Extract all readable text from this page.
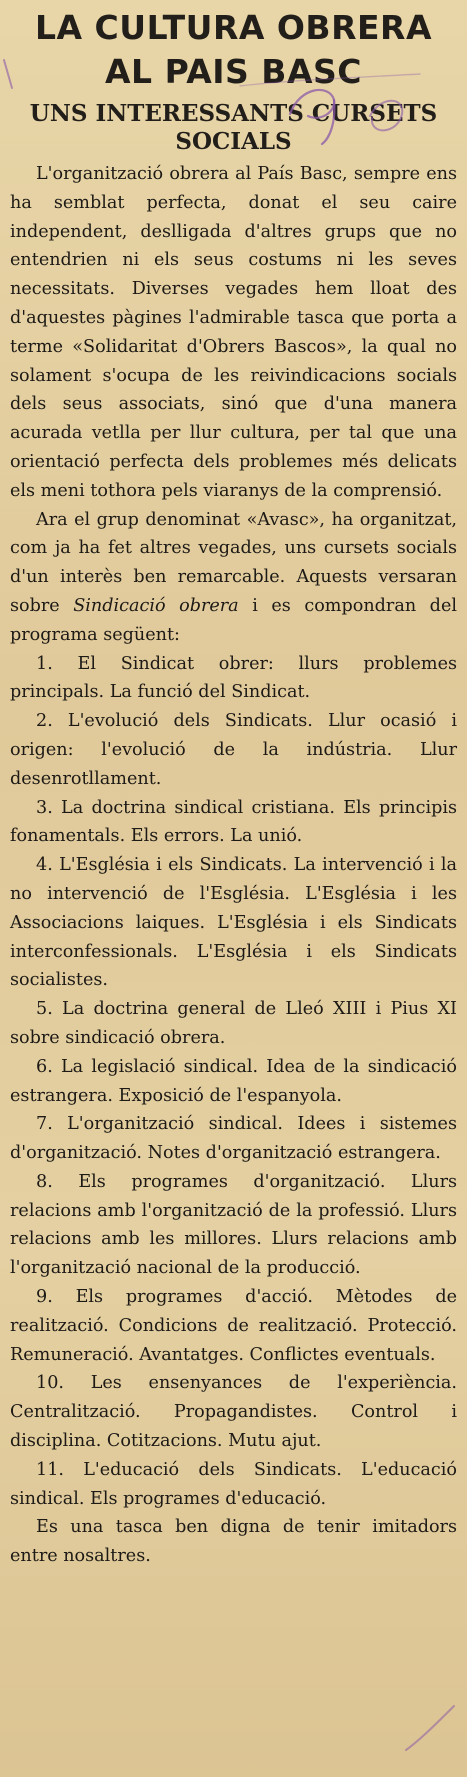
LA CULTURA OBRERA
AL PAIS BASC
UNS INTERESSANTS CURSETS
SOCIALS

L'organització obrera al País Basc, sempre ens ha semblat perfecta, donat el seu caire independent, deslligada d'altres grups que no entendrien ni els seus costums ni les seves necessitats. Diverses vegades hem lloat des d'aquestes pàgines l'admirable tasca que porta a terme «Solidaritat d'Obrers Bascos», la qual no solament s'ocupa de les reivindicacions socials dels seus associats, sinó que d'una manera acurada vetlla per llur cultura, per tal que una orientació perfecta dels problemes més delicats els meni tothora pels viaranys de la comprensió.

Ara el grup denominat «Avasc», ha organitzat, com ja ha fet altres vegades, uns cursets socials d'un interès ben remarcable. Aquests versaran sobre Sindicació obrera i es compondran del programa següent:

1. El Sindicat obrer: llurs problemes principals. La funció del Sindicat.

2. L'evolució dels Sindicats. Llur ocasió i origen: l'evolució de la indústria. Llur desenrotllament.

3. La doctrina sindical cristiana. Els principis fonamentals. Els errors. La unió.

4. L'Església i els Sindicats. La intervenció i la no intervenció de l'Església. L'Església i les Associacions laiques. L'Església i els Sindicats interconfessionals. L'Església i els Sindicats socialistes.

5. La doctrina general de Lleó XIII i Pius XI sobre sindicació obrera.

6. La legislació sindical. Idea de la sindicació estrangera. Exposició de l'espanyola.

7. L'organització sindical. Idees i sistemes d'organització. Notes d'organització estrangera.

8. Els programes d'organització. Llurs relacions amb l'organització de la professió. Llurs relacions amb les millores. Llurs relacions amb l'organització nacional de la producció.

9. Els programes d'acció. Mètodes de realització. Condicions de realització. Protecció. Remuneració. Avantatges. Conflictes eventuals.

10. Les ensenyances de l'experiència. Centralització. Propagandistes. Control i disciplina. Cotitzacions. Mutu ajut.

11. L'educació dels Sindicats. L'educació sindical. Els programes d'educació.

Es una tasca ben digna de tenir imitadors entre nosaltres.
